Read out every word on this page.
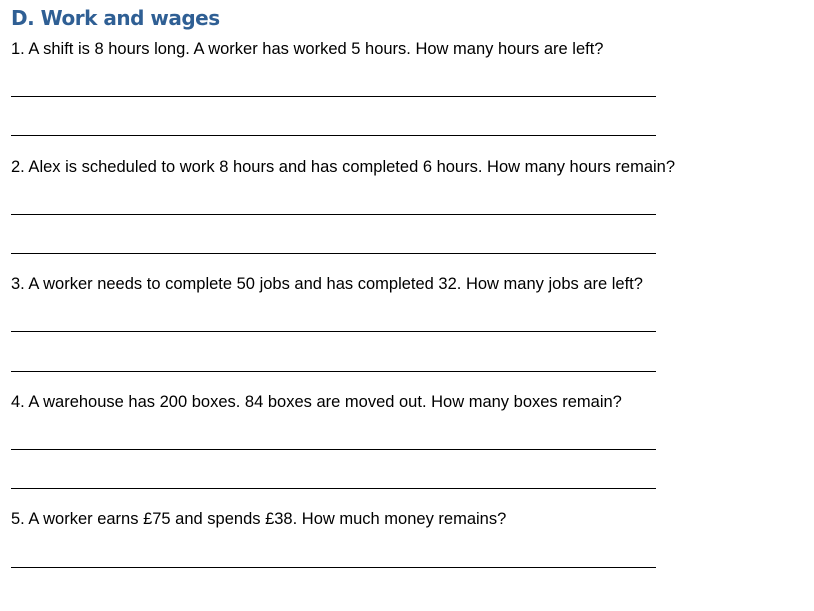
D. Work and wages
1. A shift is 8 hours long. A worker has worked 5 hours. How many hours are left?
2. Alex is scheduled to work 8 hours and has completed 6 hours. How many hours remain?
3. A worker needs to complete 50 jobs and has completed 32. How many jobs are left?
4. A warehouse has 200 boxes. 84 boxes are moved out. How many boxes remain?
5. A worker earns £75 and spends £38. How much money remains?
